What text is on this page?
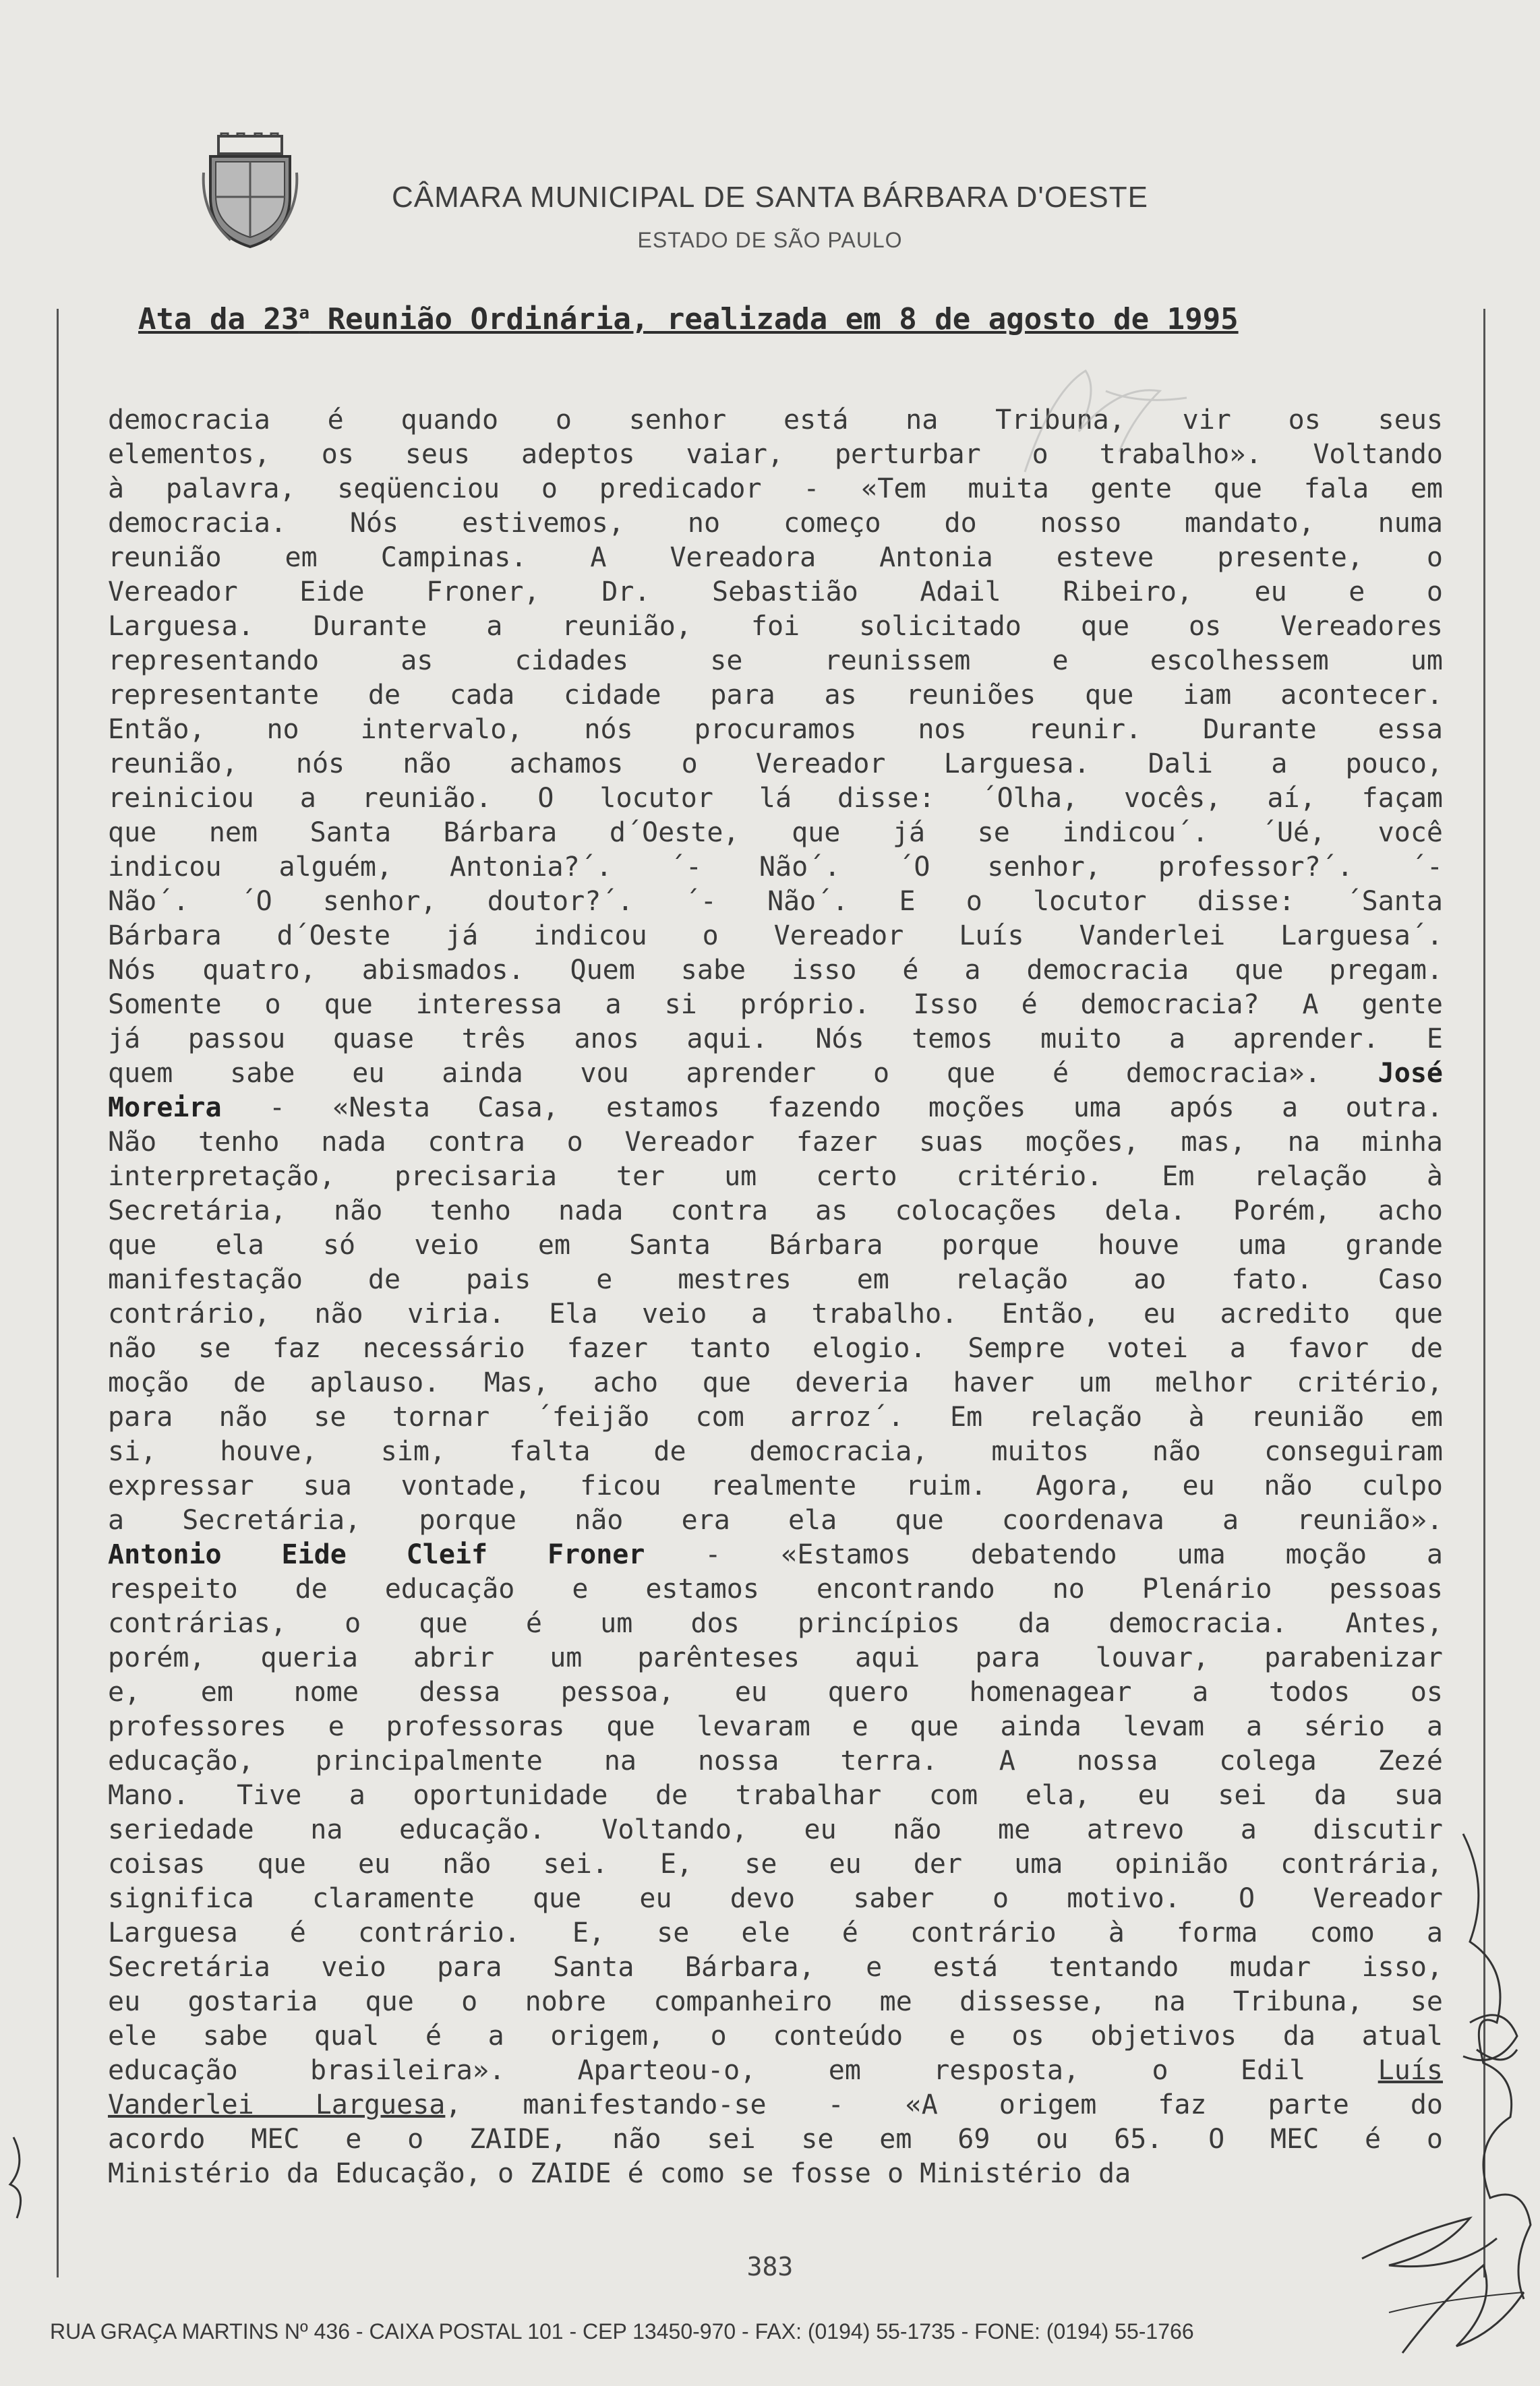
CÂMARA MUNICIPAL DE SANTA BÁRBARA D'OESTE
ESTADO DE SÃO PAULO
Ata da 23$^a$ Reunião Ordinária, realizada em 8 de agosto de 1995
democracia é quando o senhor está na Tribuna, vir os seus
elementos, os seus adeptos vaiar, perturbar o trabalho». Voltando
à palavra, seqüenciou o predicador - «Tem muita gente que fala em
democracia. Nós estivemos, no começo do nosso mandato, numa
reunião em Campinas. A Vereadora Antonia esteve presente, o
Vereador Eide Froner, Dr. Sebastião Adail Ribeiro, eu e o
Larguesa. Durante a reunião, foi solicitado que os Vereadores
representando as cidades se reunissem e escolhessem um
representante de cada cidade para as reuniões que iam acontecer.
Então, no intervalo, nós procuramos nos reunir. Durante essa
reunião, nós não achamos o Vereador Larguesa. Dali a pouco,
reiniciou a reunião. O locutor lá disse: ´Olha, vocês, aí, façam
que nem Santa Bárbara d´Oeste, que já se indicou´. ´Ué, você
indicou alguém, Antonia?´. ´- Não´. ´O senhor, professor?´. ´-
Não´. ´O senhor, doutor?´. ´- Não´. E o locutor disse: ´Santa
Bárbara d´Oeste já indicou o Vereador Luís Vanderlei Larguesa´.
Nós quatro, abismados. Quem sabe isso é a democracia que pregam.
Somente o que interessa a si próprio. Isso é democracia? A gente
já passou quase três anos aqui. Nós temos muito a aprender. E
quem sabe eu ainda vou aprender o que é democracia». José
Moreira - «Nesta Casa, estamos fazendo moções uma após a outra.
Não tenho nada contra o Vereador fazer suas moções, mas, na minha
interpretação, precisaria ter um certo critério. Em relação à
Secretária, não tenho nada contra as colocações dela. Porém, acho
que ela só veio em Santa Bárbara porque houve uma grande
manifestação de pais e mestres em relação ao fato. Caso
contrário, não viria. Ela veio a trabalho. Então, eu acredito que
não se faz necessário fazer tanto elogio. Sempre votei a favor de
moção de aplauso. Mas, acho que deveria haver um melhor critério,
para não se tornar ´feijão com arroz´. Em relação à reunião em
si, houve, sim, falta de democracia, muitos não conseguiram
expressar sua vontade, ficou realmente ruim. Agora, eu não culpo
a Secretária, porque não era ela que coordenava a reunião».
Antonio Eide Cleif Froner - «Estamos debatendo uma moção a
respeito de educação e estamos encontrando no Plenário pessoas
contrárias, o que é um dos princípios da democracia. Antes,
porém, queria abrir um parênteses aqui para louvar, parabenizar
e, em nome dessa pessoa, eu quero homenagear a todos os
professores e professoras que levaram e que ainda levam a sério a
educação, principalmente na nossa terra. A nossa colega Zezé
Mano. Tive a oportunidade de trabalhar com ela, eu sei da sua
seriedade na educação. Voltando, eu não me atrevo a discutir
coisas que eu não sei. E, se eu der uma opinião contrária,
significa claramente que eu devo saber o motivo. O Vereador
Larguesa é contrário. E, se ele é contrário à forma como a
Secretária veio para Santa Bárbara, e está tentando mudar isso,
eu gostaria que o nobre companheiro me dissesse, na Tribuna, se
ele sabe qual é a origem, o conteúdo e os objetivos da atual
educação brasileira». Aparteou-o, em resposta, o Edil Luís
Vanderlei Larguesa, manifestando-se - «A origem faz parte do
acordo MEC e o ZAIDE, não sei se em 69 ou 65. O MEC é o
Ministério da Educação, o ZAIDE é como se fosse o Ministério da
383
RUA GRAÇA MARTINS Nº 436 - CAIXA POSTAL 101 - CEP 13450-970 - FAX: (0194) 55-1735 - FONE: (0194) 55-1766
